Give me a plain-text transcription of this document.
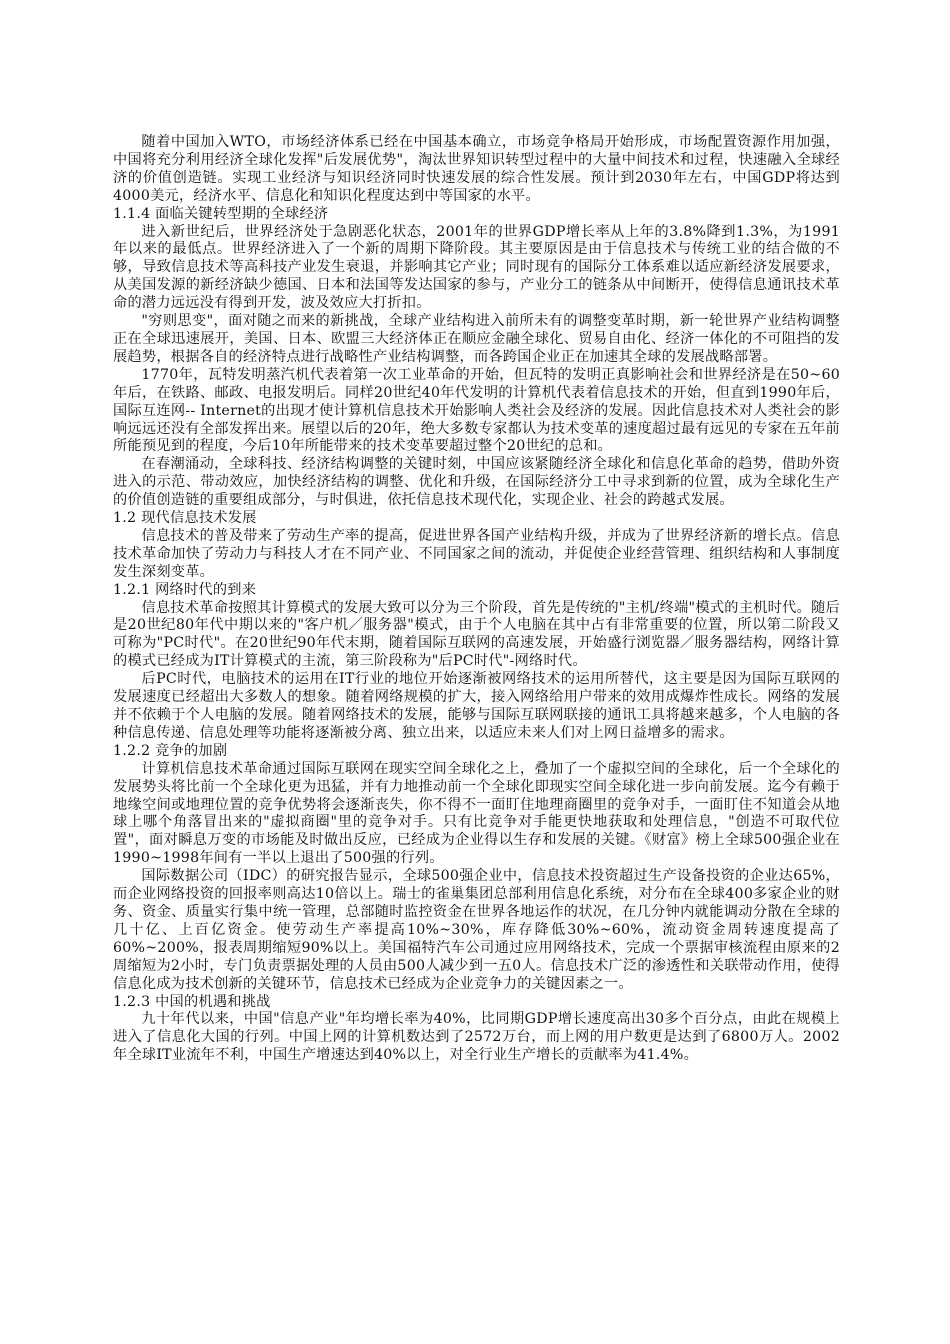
随着中国加入WTO，市场经济体系已经在中国基本确立，市场竞争格局开始形成，市场配置资源作用加强，中国将充分利用经济全球化发挥"后发展优势"，淘汰世界知识转型过程中的大量中间技术和过程，快速融入全球经济的价值创造链。实现工业经济与知识经济同时快速发展的综合性发展。预计到2030年左右，中国GDP将达到4000美元，经济水平、信息化和知识化程度达到中等国家的水平。

1.1.4 面临关键转型期的全球经济

进入新世纪后，世界经济处于急剧恶化状态，2001年的世界GDP增长率从上年的3.8%降到1.3%，为1991年以来的最低点。世界经济进入了一个新的周期下降阶段。其主要原因是由于信息技术与传统工业的结合做的不够，导致信息技术等高科技产业发生衰退，并影响其它产业；同时现有的国际分工体系难以适应新经济发展要求，从美国发源的新经济缺少德国、日本和法国等发达国家的参与，产业分工的链条从中间断开，使得信息通讯技术革命的潜力远远没有得到开发，波及效应大打折扣。

"穷则思变"，面对随之而来的新挑战，全球产业结构进入前所未有的调整变革时期，新一轮世界产业结构调整正在全球迅速展开，美国、日本、欧盟三大经济体正在顺应金融全球化、贸易自由化、经济一体化的不可阻挡的发展趋势，根据各自的经济特点进行战略性产业结构调整，而各跨国企业正在加速其全球的发展战略部署。

1770年，瓦特发明蒸汽机代表着第一次工业革命的开始，但瓦特的发明正真影响社会和世界经济是在50~60年后，在铁路、邮政、电报发明后。同样20世纪40年代发明的计算机代表着信息技术的开始，但直到1990年后，国际互连网-- Internet的出现才使计算机信息技术开始影响人类社会及经济的发展。因此信息技术对人类社会的影响远远还没有全部发挥出来。展望以后的20年，绝大多数专家都认为技术变革的速度超过最有远见的专家在五年前所能预见到的程度，今后10年所能带来的技术变革要超过整个20世纪的总和。

在春潮涌动，全球科技、经济结构调整的关键时刻，中国应该紧随经济全球化和信息化革命的趋势，借助外资进入的示范、带动效应，加快经济结构的调整、优化和升级，在国际经济分工中寻求到新的位置，成为全球化生产的价值创造链的重要组成部分，与时俱进，依托信息技术现代化，实现企业、社会的跨越式发展。

1.2 现代信息技术发展

信息技术的普及带来了劳动生产率的提高，促进世界各国产业结构升级，并成为了世界经济新的增长点。信息技术革命加快了劳动力与科技人才在不同产业、不同国家之间的流动，并促使企业经营管理、组织结构和人事制度发生深刻变革。

1.2.1 网络时代的到来

信息技术革命按照其计算模式的发展大致可以分为三个阶段，首先是传统的"主机/终端"模式的主机时代。随后是20世纪80年代中期以来的"客户机／服务器"模式，由于个人电脑在其中占有非常重要的位置，所以第二阶段又可称为"PC时代"。在20世纪90年代末期，随着国际互联网的高速发展，开始盛行浏览器／服务器结构，网络计算的模式已经成为IT计算模式的主流，第三阶段称为"后PC时代"-网络时代。

后PC时代，电脑技术的运用在IT行业的地位开始逐渐被网络技术的运用所替代，这主要是因为国际互联网的发展速度已经超出大多数人的想象。随着网络规模的扩大，接入网络给用户带来的效用成爆炸性成长。网络的发展并不依赖于个人电脑的发展。随着网络技术的发展，能够与国际互联网联接的通讯工具将越来越多，个人电脑的各种信息传递、信息处理等功能将逐渐被分离、独立出来，以适应未来人们对上网日益增多的需求。

1.2.2 竞争的加剧

计算机信息技术革命通过国际互联网在现实空间全球化之上，叠加了一个虚拟空间的全球化，后一个全球化的发展势头将比前一个全球化更为迅猛，并有力地推动前一个全球化即现实空间全球化进一步向前发展。迄今有赖于地缘空间或地理位置的竞争优势将会逐渐丧失，你不得不一面盯住地理商圈里的竞争对手，一面盯住不知道会从地球上哪个角落冒出来的"虚拟商圈"里的竞争对手。只有比竞争对手能更快地获取和处理信息，"创造不可取代位置"，面对瞬息万变的市场能及时做出反应，已经成为企业得以生存和发展的关键。《财富》榜上全球500强企业在1990~1998年间有一半以上退出了500强的行列。

国际数据公司（IDC）的研究报告显示，全球500强企业中，信息技术投资超过生产设备投资的企业达65%，而企业网络投资的回报率则高达10倍以上。瑞士的雀巢集团总部利用信息化系统，对分布在全球400多家企业的财务、资金、质量实行集中统一管理，总部随时监控资金在世界各地运作的状况，在几分钟内就能调动分散在全球的几十亿、上百亿资金。使劳动生产率提高10%~30%，库存降低30%~60%，流动资金周转速度提高了60%~200%，报表周期缩短90%以上。美国福特汽车公司通过应用网络技术，完成一个票据审核流程由原来的2周缩短为2小时，专门负责票据处理的人员由500人减少到一五0人。信息技术广泛的渗透性和关联带动作用，使得信息化成为技术创新的关键环节，信息技术已经成为企业竞争力的关键因素之一。

1.2.3 中国的机遇和挑战

九十年代以来，中国"信息产业"年均增长率为40%，比同期GDP增长速度高出30多个百分点，由此在规模上进入了信息化大国的行列。中国上网的计算机数达到了2572万台，而上网的用户数更是达到了6800万人。2002年全球IT业流年不利，中国生产增速达到40%以上，对全行业生产增长的贡献率为41.4%。
